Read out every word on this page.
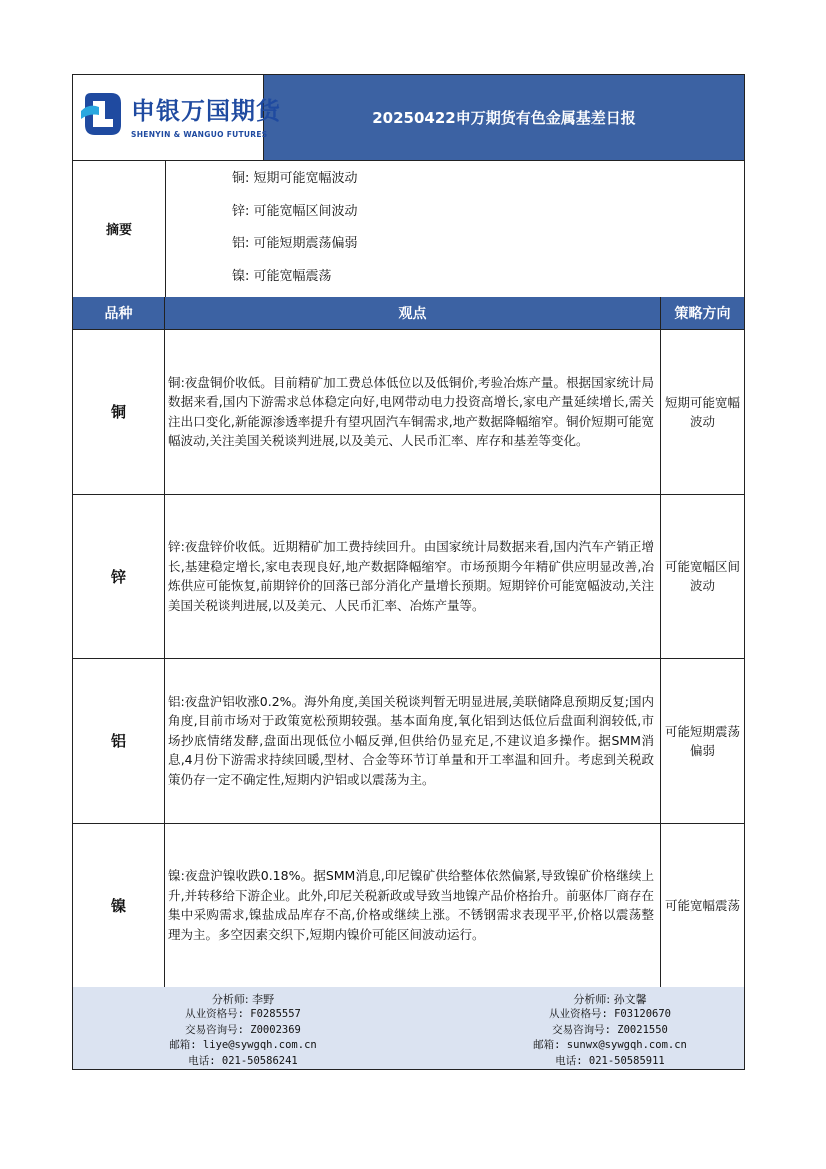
申银万国期货
SHENYIN & WANGUO FUTURES
20250422申万期货有色金属基差日报
摘要
铜: 短期可能宽幅波动
锌: 可能宽幅区间波动
铝: 可能短期震荡偏弱
镍: 可能宽幅震荡
品种	观点	策略方向
铜
铜:夜盘铜价收低。目前精矿加工费总体低位以及低铜价,考验冶炼产量。根据国家统计局数据来看,国内下游需求总体稳定向好,电网带动电力投资高增长,家电产量延续增长,需关注出口变化,新能源渗透率提升有望巩固汽车铜需求,地产数据降幅缩窄。铜价短期可能宽幅波动,关注美国关税谈判进展,以及美元、人民币汇率、库存和基差等变化。
短期可能宽幅波动
锌
锌:夜盘锌价收低。近期精矿加工费持续回升。由国家统计局数据来看,国内汽车产销正增长,基建稳定增长,家电表现良好,地产数据降幅缩窄。市场预期今年精矿供应明显改善,冶炼供应可能恢复,前期锌价的回落已部分消化产量增长预期。短期锌价可能宽幅波动,关注美国关税谈判进展,以及美元、人民币汇率、冶炼产量等。
可能宽幅区间波动
铝
铝:夜盘沪铝收涨0.2%。海外角度,美国关税谈判暂无明显进展,美联储降息预期反复;国内角度,目前市场对于政策宽松预期较强。基本面角度,氧化铝到达低位后盘面利润较低,市场抄底情绪发酵,盘面出现低位小幅反弹,但供给仍显充足,不建议追多操作。据SMM消息,4月份下游需求持续回暖,型材、合金等环节订单量和开工率温和回升。考虑到关税政策仍存一定不确定性,短期内沪铝或以震荡为主。
可能短期震荡偏弱
镍
镍:夜盘沪镍收跌0.18%。据SMM消息,印尼镍矿供给整体依然偏紧,导致镍矿价格继续上升,并转移给下游企业。此外,印尼关税新政或导致当地镍产品价格抬升。前驱体厂商存在集中采购需求,镍盐成品库存不高,价格或继续上涨。不锈钢需求表现平平,价格以震荡整理为主。多空因素交织下,短期内镍价可能区间波动运行。
可能宽幅震荡
分析师: 李野
从业资格号: F0285557
交易咨询号: Z0002369
邮箱: liye@sywgqh.com.cn
电话: 021-50586241
分析师: 孙文馨
从业资格号: F03120670
交易咨询号: Z0021550
邮箱: sunwx@sywgqh.com.cn
电话: 021-50585911
